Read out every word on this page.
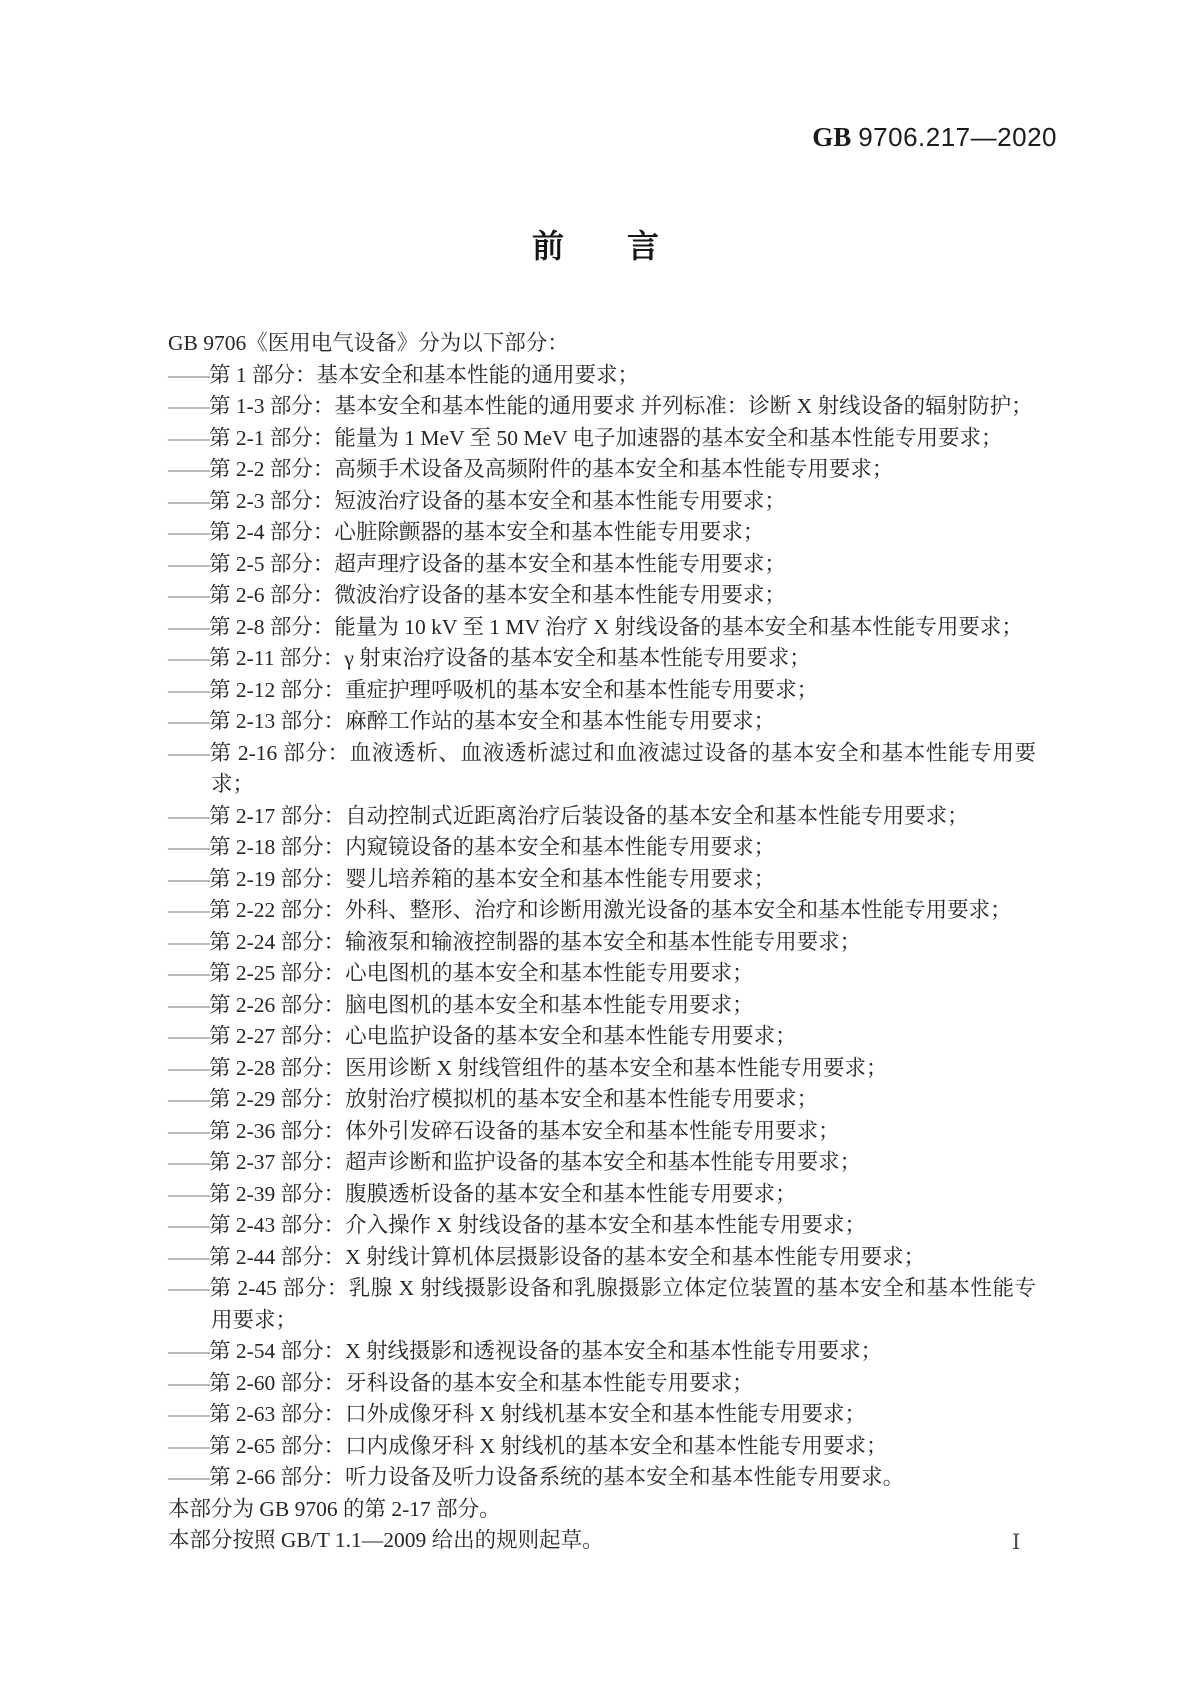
GB 9706.217—2020
前 言

GB 9706《医用电气设备》分为以下部分：

——第 1 部分：基本安全和基本性能的通用要求；

——第 1-3 部分：基本安全和基本性能的通用要求 并列标准：诊断 X 射线设备的辐射防护；

——第 2-1 部分：能量为 1 MeV 至 50 MeV 电子加速器的基本安全和基本性能专用要求；

——第 2-2 部分：高频手术设备及高频附件的基本安全和基本性能专用要求；

——第 2-3 部分：短波治疗设备的基本安全和基本性能专用要求；

——第 2-4 部分：心脏除颤器的基本安全和基本性能专用要求；

——第 2-5 部分：超声理疗设备的基本安全和基本性能专用要求；

——第 2-6 部分：微波治疗设备的基本安全和基本性能专用要求；

——第 2-8 部分：能量为 10 kV 至 1 MV 治疗 X 射线设备的基本安全和基本性能专用要求；

——第 2-11 部分：γ 射束治疗设备的基本安全和基本性能专用要求；

——第 2-12 部分：重症护理呼吸机的基本安全和基本性能专用要求；

——第 2-13 部分：麻醉工作站的基本安全和基本性能专用要求；

——第 2-16 部分：血液透析、血液透析滤过和血液滤过设备的基本安全和基本性能专用要求；

——第 2-17 部分：自动控制式近距离治疗后装设备的基本安全和基本性能专用要求；

——第 2-18 部分：内窥镜设备的基本安全和基本性能专用要求；

——第 2-19 部分：婴儿培养箱的基本安全和基本性能专用要求；

——第 2-22 部分：外科、整形、治疗和诊断用激光设备的基本安全和基本性能专用要求；

——第 2-24 部分：输液泵和输液控制器的基本安全和基本性能专用要求；

——第 2-25 部分：心电图机的基本安全和基本性能专用要求；

——第 2-26 部分：脑电图机的基本安全和基本性能专用要求；

——第 2-27 部分：心电监护设备的基本安全和基本性能专用要求；

——第 2-28 部分：医用诊断 X 射线管组件的基本安全和基本性能专用要求；

——第 2-29 部分：放射治疗模拟机的基本安全和基本性能专用要求；

——第 2-36 部分：体外引发碎石设备的基本安全和基本性能专用要求；

——第 2-37 部分：超声诊断和监护设备的基本安全和基本性能专用要求；

——第 2-39 部分：腹膜透析设备的基本安全和基本性能专用要求；

——第 2-43 部分：介入操作 X 射线设备的基本安全和基本性能专用要求；

——第 2-44 部分：X 射线计算机体层摄影设备的基本安全和基本性能专用要求；

——第 2-45 部分：乳腺 X 射线摄影设备和乳腺摄影立体定位装置的基本安全和基本性能专用要求；

——第 2-54 部分：X 射线摄影和透视设备的基本安全和基本性能专用要求；

——第 2-60 部分：牙科设备的基本安全和基本性能专用要求；

——第 2-63 部分：口外成像牙科 X 射线机基本安全和基本性能专用要求；

——第 2-65 部分：口内成像牙科 X 射线机的基本安全和基本性能专用要求；

——第 2-66 部分：听力设备及听力设备系统的基本安全和基本性能专用要求。

本部分为 GB 9706 的第 2-17 部分。

本部分按照 GB/T 1.1—2009 给出的规则起草。	Ⅰ
